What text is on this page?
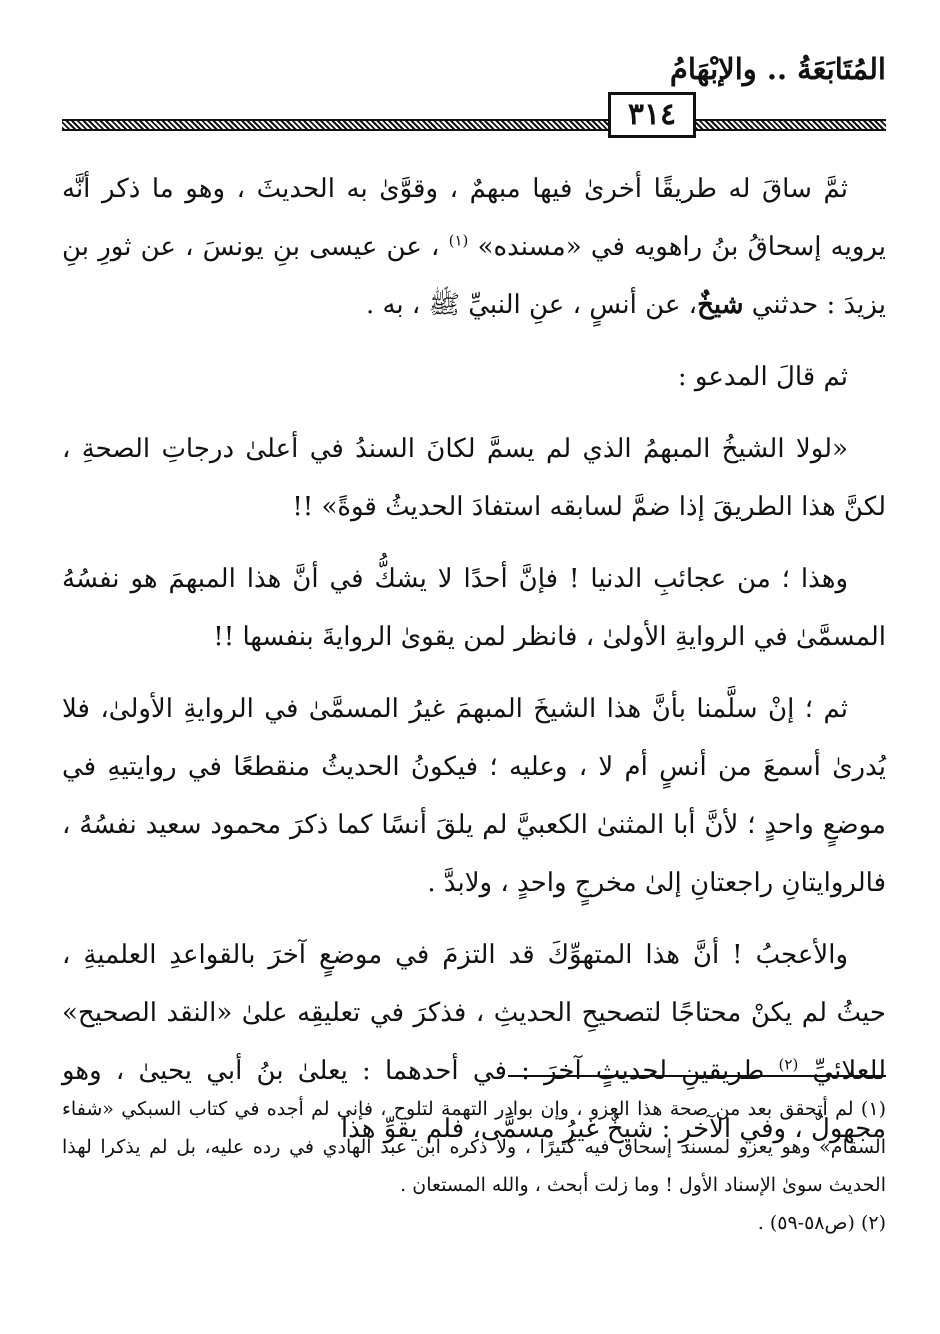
المُتَابَعَةُ .. والإبْهَامُ
٣١٤

ثمَّ ساقَ له طريقًا أخرىٰ فيها مبهمٌ ، وقوَّىٰ به الحديثَ ، وهو ما ذكر أنَّه يرويه إسحاقُ بنُ راهويه في «مسنده» $^{(١)}$ ، عن عيسى بنِ يونسَ ، عن ثورِ بنِ يزيدَ : حدثني شيخٌ، عن أنسٍ ، عنِ النبيِّ ﷺ ، به .

ثم قالَ المدعو :

«لولا الشيخُ المبهمُ الذي لم يسمَّ لكانَ السندُ في أعلىٰ درجاتِ الصحةِ ، لكنَّ هذا الطريقَ إذا ضمَّ لسابقه استفادَ الحديثُ قوةً» !!

وهذا ؛ من عجائبِ الدنيا ! فإنَّ أحدًا لا يشكُّ في أنَّ هذا المبهمَ هو نفسُهُ المسمَّىٰ في الروايةِ الأولىٰ ، فانظر لمن يقوىٰ الروايةَ بنفسها !!

ثم ؛ إنْ سلَّمنا بأنَّ هذا الشيخَ المبهمَ غيرُ المسمَّىٰ في الروايةِ الأولىٰ، فلا يُدرىٰ أسمعَ من أنسٍ أم لا ، وعليه ؛ فيكونُ الحديثُ منقطعًا في روايتيهِ في موضعٍ واحدٍ ؛ لأنَّ أبا المثنىٰ الكعبيَّ لم يلقَ أنسًا كما ذكرَ محمود سعيد نفسُهُ ، فالروايتانِ راجعتانِ إلىٰ مخرجٍ واحدٍ ، ولابدَّ .

والأعجبُ ! أنَّ هذا المتهوِّكَ قد التزمَ في موضعٍ آخرَ بالقواعدِ العلميةِ ، حيثُ لم يكنْ محتاجًا لتصحيحِ الحديثِ ، فذكرَ في تعليقِه علىٰ «النقد الصحيح» للعلائيِّ $^{(٢)}$ طريقينِ لحديثٍ آخرَ : في أحدهما : يعلىٰ بنُ أبي يحيىٰ ، وهو مجهولٌ ، وفي الآخرِ : شيخٌ غيرُ مسمًّى، فلم يقوِّ هذا

(١) لم أتحقق بعد من صحة هذا العزو ، وإن بوادر التهمة لتلوح ، فإني لم أجده في كتاب السبكي «شفاء السقام» وهو يعزو لمسند إسحاق فيه كثيرًا ، ولا ذكره ابن عبد الهادي في رده عليه، بل لم يذكرا لهذا الحديث سوىٰ الإسناد الأول ! وما زلت أبحث ، والله المستعان .

(٢) (ص٥٨-٥٩) .
